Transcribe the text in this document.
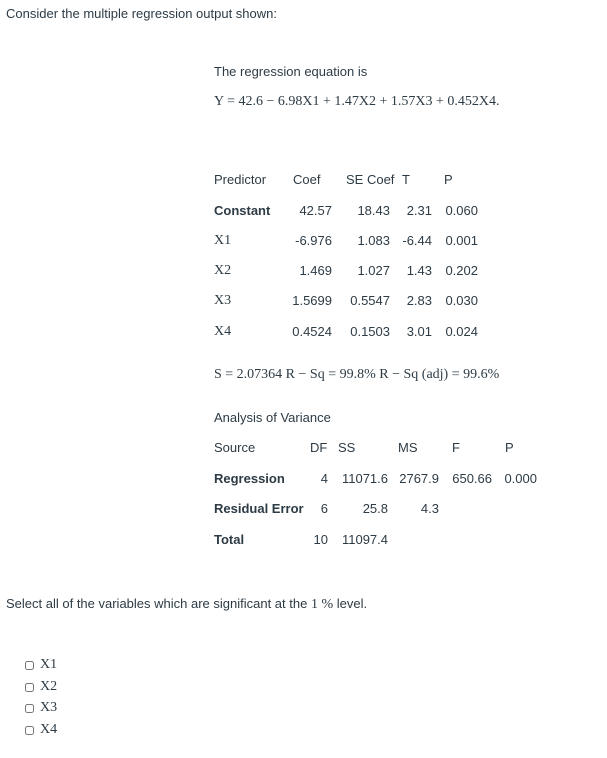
Consider the multiple regression output shown:
The regression equation is
Y = 42.6 − 6.98X1 + 1.47X2 + 1.57X3 + 0.452X4.
Predictor Coef SE Coef T	P
Constant	42.57	18.43	2.31	0.060
X1	-6.976	1.083 -6.44	0.001
X2	1.469	1.027	1.43	0.202
X3	1.5699	0.5547	2.83	0.030
X4	0.4524	0.1503	3.01	0.024
S = 2.07364 R − Sq = 99.8% R − Sq (adj) = 99.6%
Analysis of Variance
Source	DF SS	MS	F	P
Regression	4	11071.6 2767.9	650.66 0.000
Residual Error	6	25.8	4.3
Total	10	11097.4
Select all of the variables which are significant at the 1 % level.
X1
X2
X3
X4
